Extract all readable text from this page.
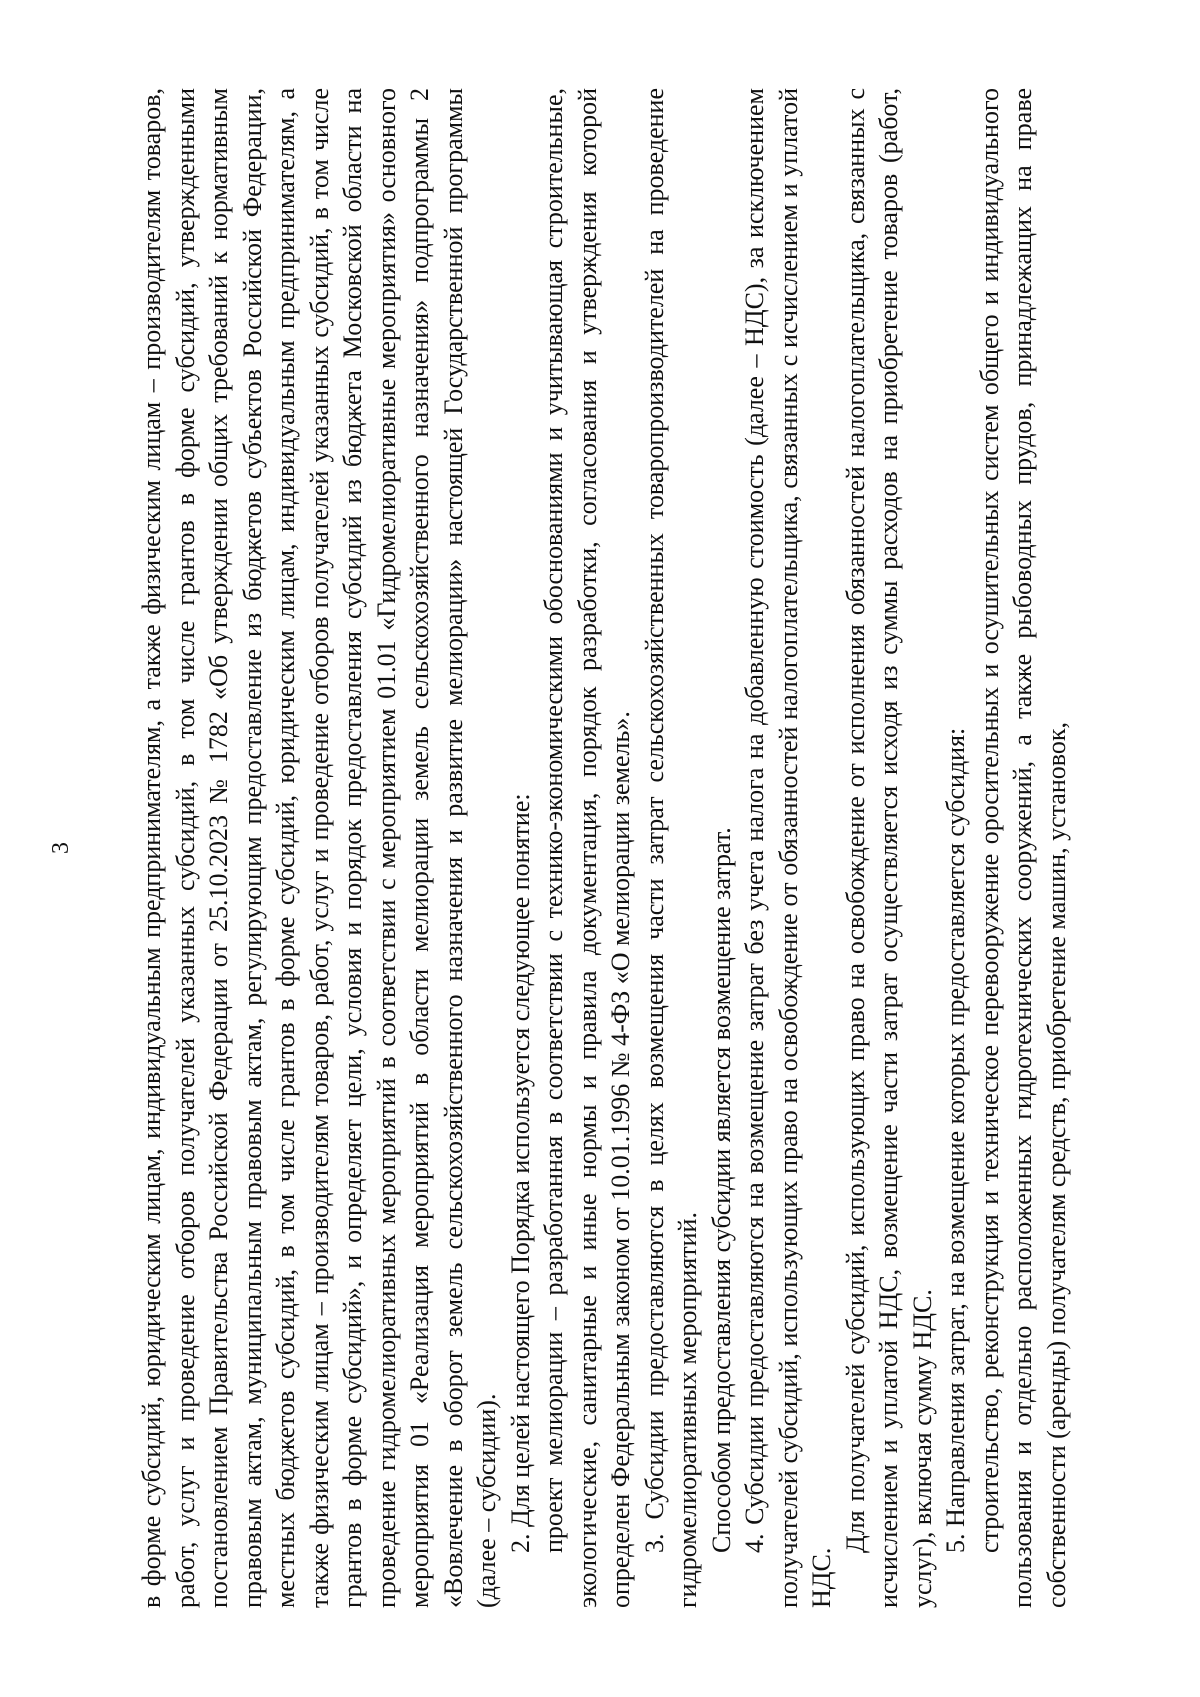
3 в форме субсидий, юридическим лицам, индивидуальным предпринимателям, а также физическим лицам – производителям товаров, работ, услуг и проведение отборов получателей указанных субсидий, в том числе грантов в форме субсидий, утвержденными постановлением Правительства Российской Федерации от 25.10.2023 № 1782 «Об утверждении общих требований к нормативным правовым актам, муниципальным правовым актам, регулирующим предоставление из бюджетов субъектов Российской Федерации, местных бюджетов субсидий, в том числе грантов в форме субсидий, юридическим лицам, индивидуальным предпринимателям, а также физическим лицам – производителям товаров, работ, услуг и проведение отборов получателей указанных субсидий, в том числе грантов в форме субсидий», и определяет цели, условия и порядок предоставления субсидий из бюджета Московской области на проведение гидромелиоративных мероприятий в соответствии с мероприятием 01.01 «Гидромелиоративные мероприятия» основного мероприятия 01 «Реализация мероприятий в области мелиорации земель сельскохозяйственного назначения» подпрограммы 2 «Вовлечение в оборот земель сельскохозяйственного назначения и развитие мелиорации» настоящей Государственной программы (далее – субсидии). 2. Для целей настоящего Порядка используется следующее понятие: проект мелиорации – разработанная в соответствии с технико-экономическими обоснованиями и учитывающая строительные, экологические, санитарные и иные нормы и правила документация, порядок разработки, согласования и утверждения которой определен Федеральным законом от 10.01.1996 № 4-ФЗ «О мелиорации земель». 3. Субсидии предоставляются в целях возмещения части затрат сельскохозяйственных товаропроизводителей на проведение гидромелиоративных мероприятий. Способом предоставления субсидии является возмещение затрат. 4. Субсидии предоставляются на возмещение затрат без учета налога на добавленную стоимость (далее – НДС), за исключением получателей субсидий, использующих право на освобождение от обязанностей налогоплательщика, связанных с исчислением и уплатой НДС.

Для получателей субсидий, использующих право на освобождение от исполнения обязанностей налогоплательщика, связанных с исчислением и уплатой НДС, возмещение части затрат осуществляется исходя из суммы расходов на приобретение товаров (работ, услуг), включая сумму НДС. 5. Направления затрат, на возмещение которых предоставляется субсидия: строительство, реконструкция и техническое перевооружение оросительных и осушительных систем общего и индивидуального пользования и отдельно расположенных гидротехнических сооружений, а также рыбоводных прудов, принадлежащих на праве собственности (аренды) получателям средств, приобретение машин, установок,
